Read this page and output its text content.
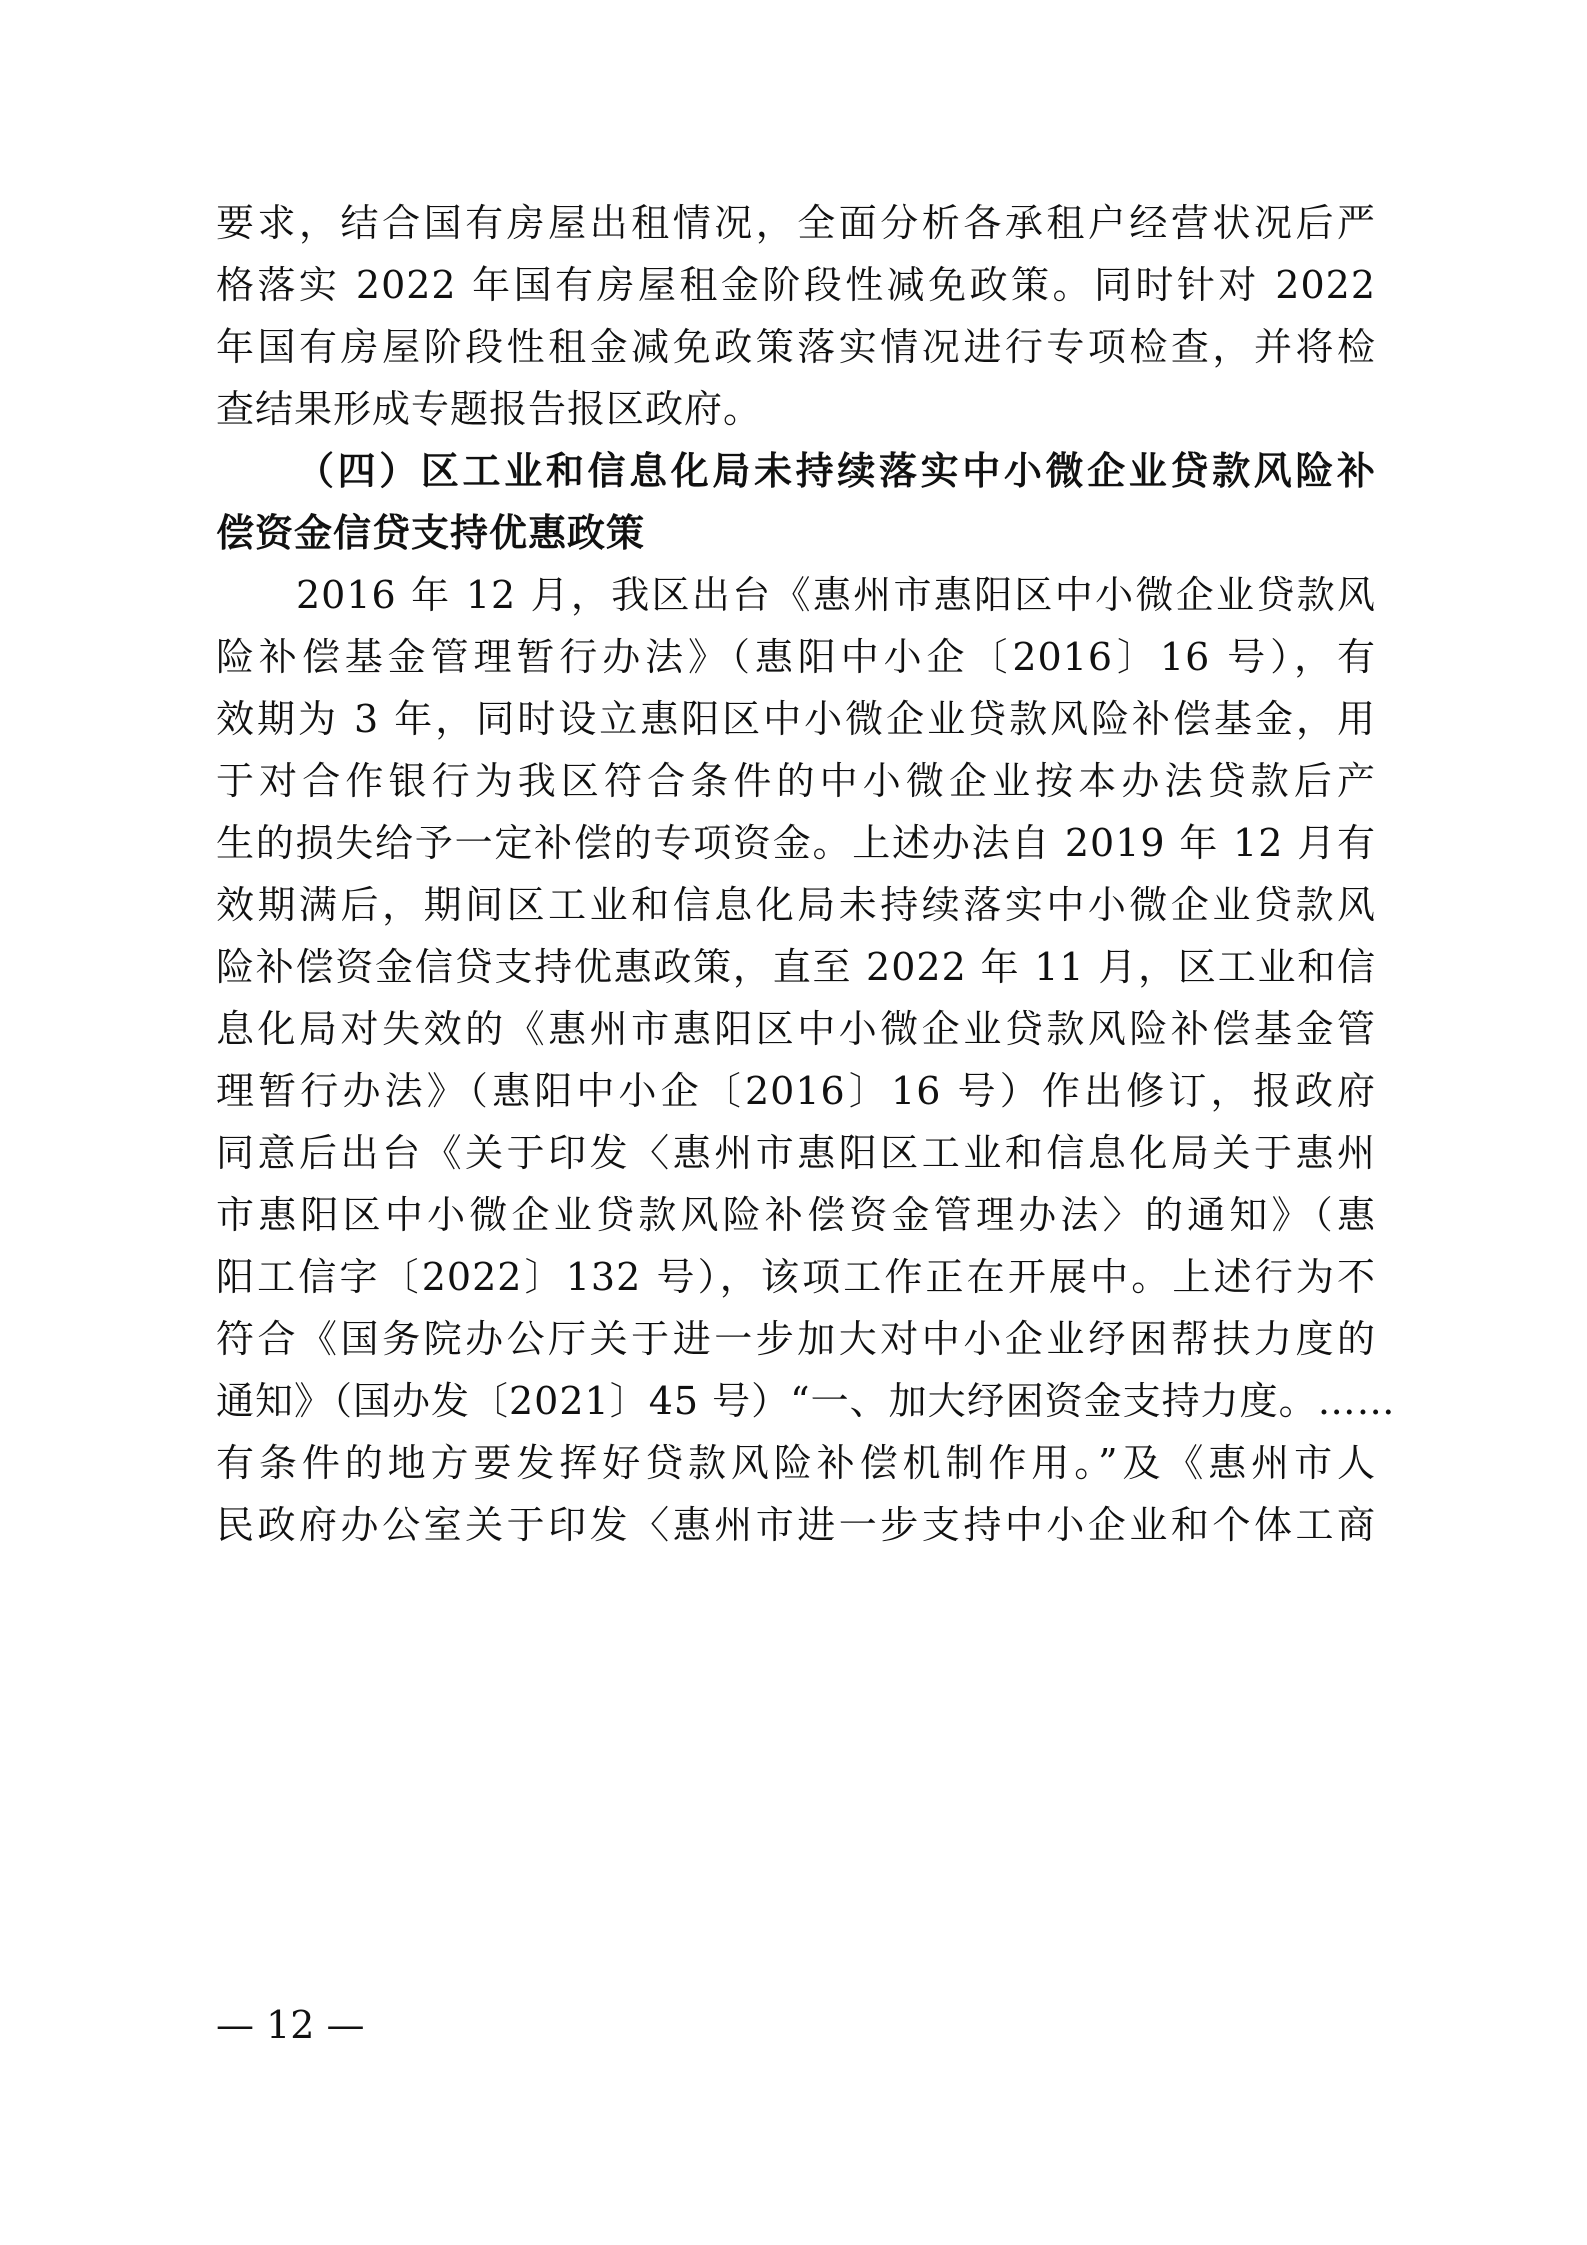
要求，结合国有房屋出租情况，全面分析各承租户经营状况后严
格落实 2022 年国有房屋租金阶段性减免政策。同时针对 2022
年国有房屋阶段性租金减免政策落实情况进行专项检查，并将检
查结果形成专题报告报区政府。
（四）区工业和信息化局未持续落实中小微企业贷款风险补
偿资金信贷支持优惠政策
2016 年 12 月，我区出台《惠州市惠阳区中小微企业贷款风
险补偿基金管理暂行办法》（惠阳中小企〔2016〕16 号），有
效期为 3 年，同时设立惠阳区中小微企业贷款风险补偿基金，用
于对合作银行为我区符合条件的中小微企业按本办法贷款后产
生的损失给予一定补偿的专项资金。上述办法自 2019 年 12 月有
效期满后，期间区工业和信息化局未持续落实中小微企业贷款风
险补偿资金信贷支持优惠政策，直至 2022 年 11 月，区工业和信
息化局对失效的《惠州市惠阳区中小微企业贷款风险补偿基金管
理暂行办法》（惠阳中小企〔2016〕16 号）作出修订，报政府
同意后出台《关于印发〈惠州市惠阳区工业和信息化局关于惠州
市惠阳区中小微企业贷款风险补偿资金管理办法〉的通知》（惠
阳工信字〔2022〕132 号），该项工作正在开展中。上述行为不
符合《国务院办公厅关于进一步加大对中小企业纾困帮扶力度的
通知》（国办发〔2021〕45 号）“一、加大纾困资金支持力度。……
有条件的地方要发挥好贷款风险补偿机制作用。”及《惠州市人
民政府办公室关于印发〈惠州市进一步支持中小企业和个体工商
— 12 —
